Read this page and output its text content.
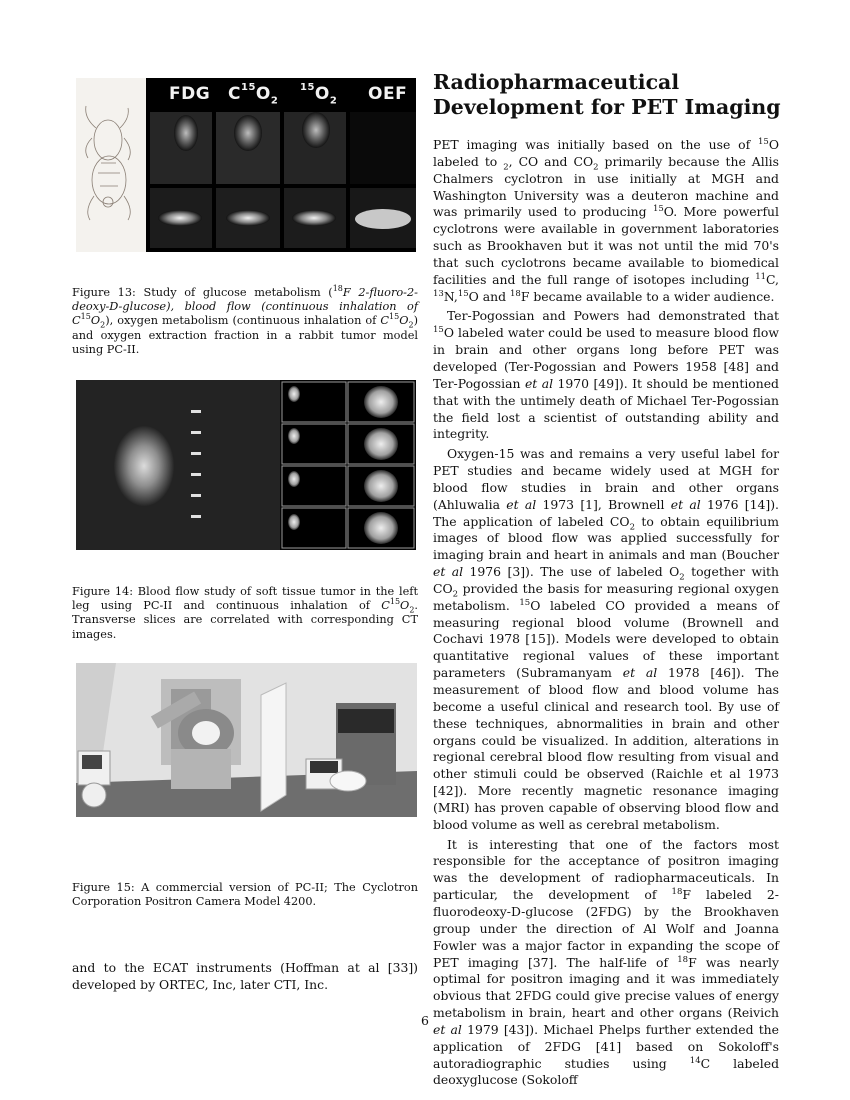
FDG $C^{15}O_2$
$^{15}O_2$ OEF
Figure 13: Study of glucose metabolism ($^{18}$F 2-fluoro-2-deoxy-D-glucose), blood flow (continuous inhalation of $C^{15}O_2$), oxygen metabolism (continuous inhalation of $C^{15}O_2$) and oxygen extraction fraction in a rabbit tumor model using PC-II.
Figure 14: Blood flow study of soft tissue tumor in the left leg using PC-II and continuous inhalation of $C^{15}O_2$. Transverse slices are correlated with corresponding CT images.
Figure 15: A commercial version of PC-II; The Cyclotron Corporation Positron Camera Model 4200.
and to the ECAT instruments (Hoffman at al [33]) developed by ORTEC, Inc, later CTI, Inc.
Radiopharmaceutical Development for PET Imaging

PET imaging was initially based on the use of $^{15}$O labeled to $_2$, CO and $CO_2$ primarily because the Allis Chalmers cyclotron in use initially at MGH and Washington University was a deuteron machine and was primarily used to producing $^{15}$O. More powerful cyclotrons were available in government laboratories such as Brookhaven but it was not until the mid 70's that such cyclotrons became available to biomedical facilities and the full range of isotopes including $^{11}$C, $^{13}$N,$^{15}$O and $^{18}$F became available to a wider audience.

Ter-Pogossian and Powers had demonstrated that $^{15}$O labeled water could be used to measure blood flow in brain and other organs long before PET was developed (Ter-Pogossian and Powers 1958 [48] and Ter-Pogossian et al 1970 [49]). It should be mentioned that with the untimely death of Michael Ter-Pogossian the field lost a scientist of outstanding ability and integrity.

Oxygen-15 was and remains a very useful label for PET studies and became widely used at MGH for blood flow studies in brain and other organs (Ahluwalia et al 1973 [1], Brownell et al 1976 [14]). The application of labeled $CO_2$ to obtain equilibrium images of blood flow was applied successfully for imaging brain and heart in animals and man (Boucher et al 1976 [3]). The use of labeled $O_2$ together with $CO_2$ provided the basis for measuring regional oxygen metabolism. $^{15}$O labeled CO provided a means of measuring regional blood volume (Brownell and Cochavi 1978 [15]). Models were developed to obtain quantitative regional values of these important parameters (Subramanyam et al 1978 [46]). The measurement of blood flow and blood volume has become a useful clinical and research tool. By use of these techniques, abnormalities in brain and other organs could be visualized. In addition, alterations in regional cerebral blood flow resulting from visual and other stimuli could be observed (Raichle et al 1973 [42]). More recently magnetic resonance imaging (MRI) has proven capable of observing blood flow and blood volume as well as cerebral metabolism.

It is interesting that one of the factors most responsible for the acceptance of positron imaging was the development of radiopharmaceuticals. In particular, the development of $^{18}$F labeled 2-fluorodeoxy-D-glucose (2FDG) by the Brookhaven group under the direction of Al Wolf and Joanna Fowler was a major factor in expanding the scope of PET imaging [37]. The half-life of $^{18}$F was nearly optimal for positron imaging and it was immediately obvious that 2FDG could give precise values of energy metabolism in brain, heart and other organs (Reivich et al 1979 [43]). Michael Phelps further extended the application of 2FDG [41] based on Sokoloff's autoradiographic studies using $^{14}$C labeled deoxyglucose (Sokoloff

6
